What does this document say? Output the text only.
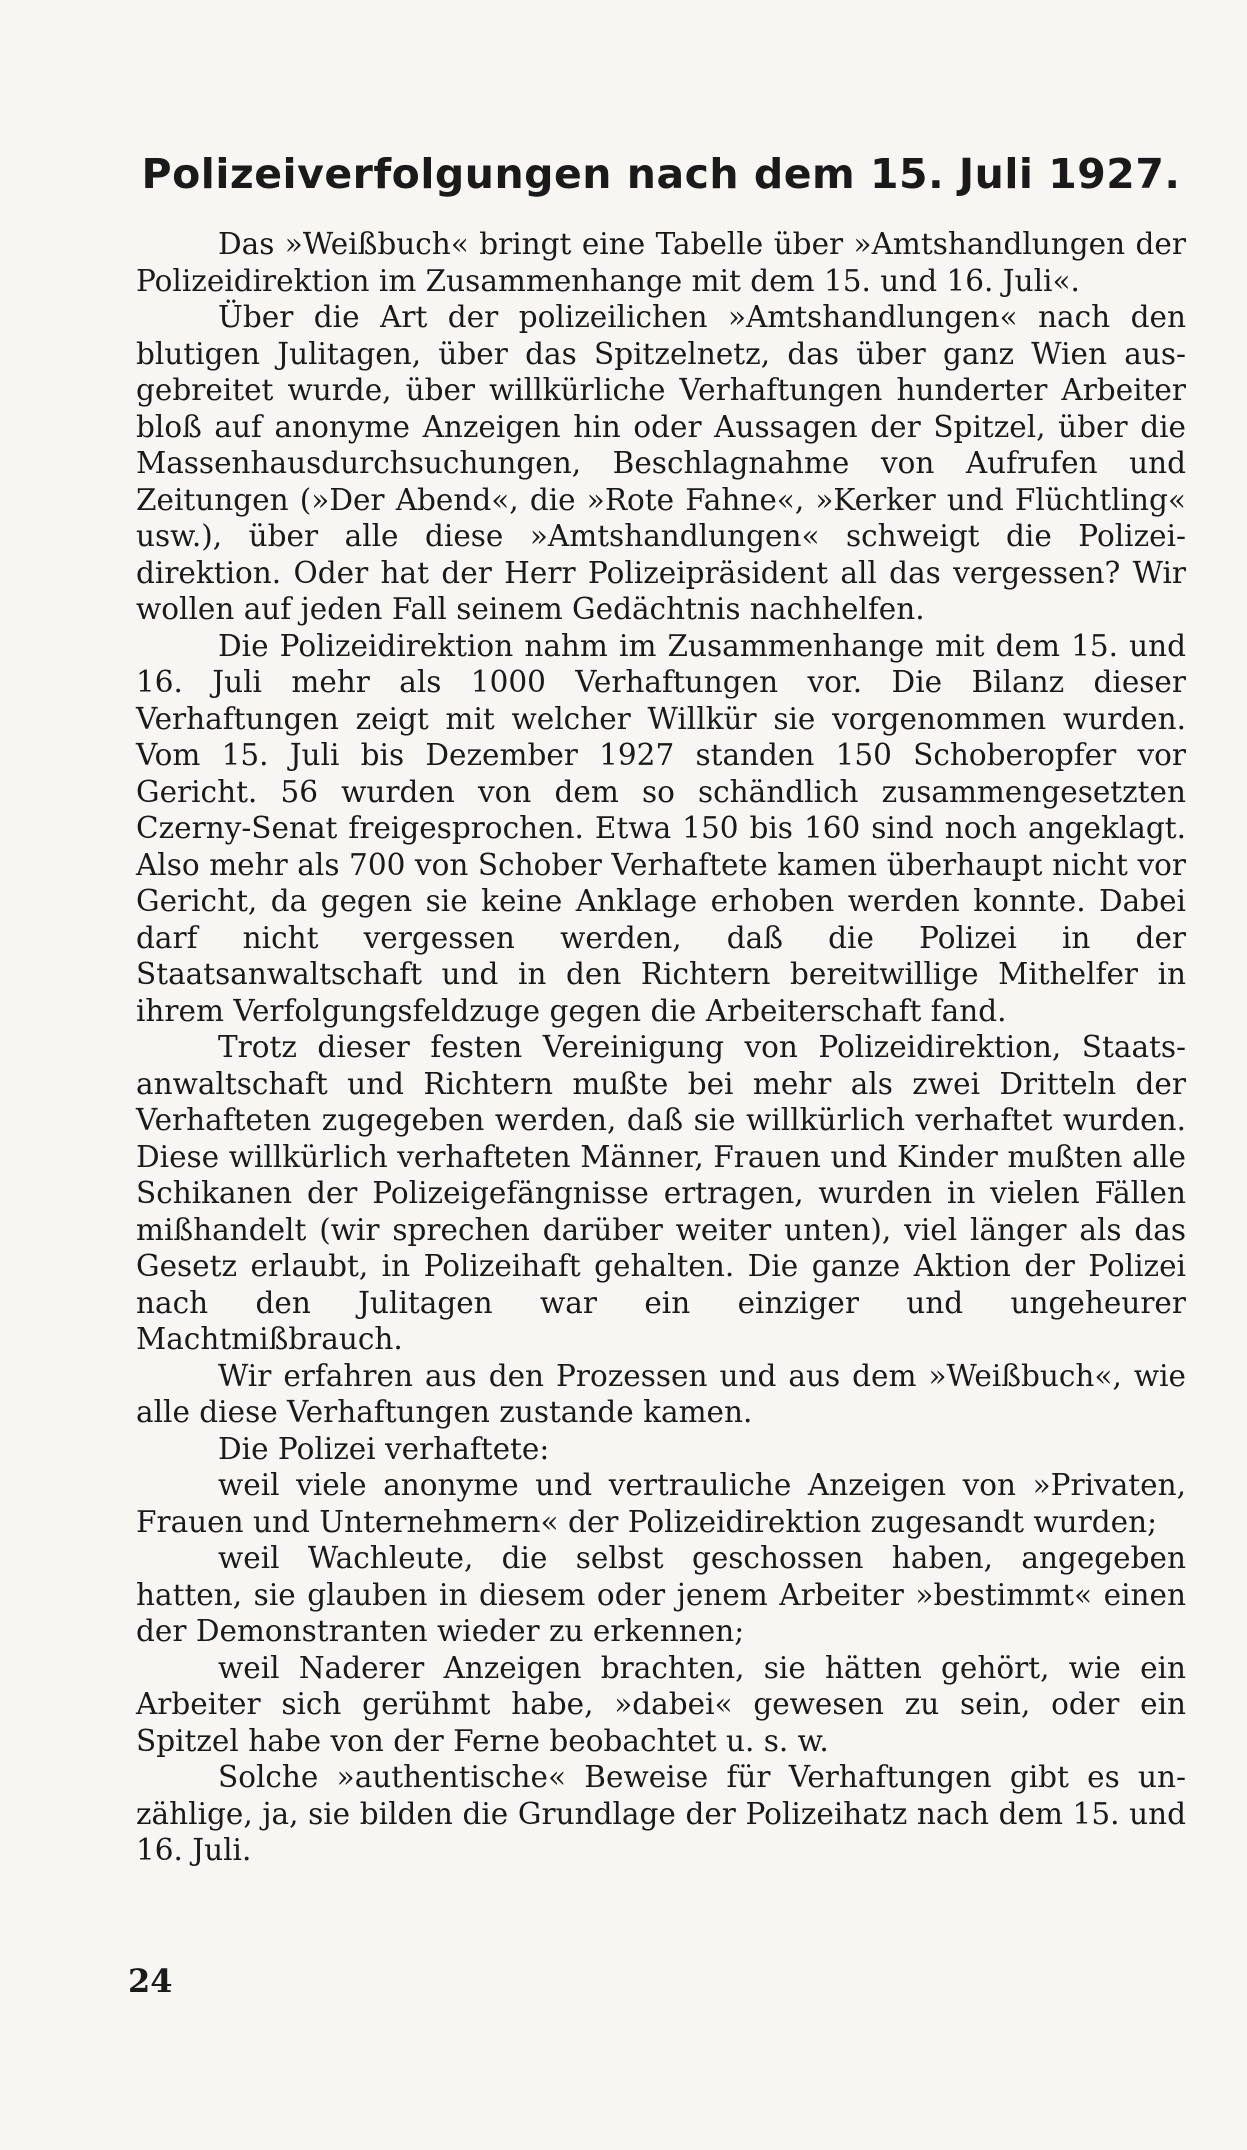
Polizeiverfolgungen nach dem 15. Juli 1927.

Das »Weißbuch« bringt eine Tabelle über »Amtshandlungen der Polizeidirektion im Zusammenhange mit dem 15. und 16. Juli«.

Über die Art der polizeilichen »Amtshandlungen« nach den blutigen Julitagen, über das Spitzelnetz, das über ganz Wien ausgebreitet wurde, über willkürliche Verhaftungen hunderter Arbeiter bloß auf anonyme Anzeigen hin oder Aussagen der Spitzel, über die Massenhausdurchsuchungen, Beschlagnahme von Aufrufen und Zeitungen (»Der Abend«, die »Rote Fahne«, »Kerker und Flüchtling« usw.), über alle diese »Amtshandlungen« schweigt die Polizeidirektion. Oder hat der Herr Polizeipräsident all das vergessen? Wir wollen auf jeden Fall seinem Gedächtnis nachhelfen.

Die Polizeidirektion nahm im Zusammenhange mit dem 15. und 16. Juli mehr als 1000 Verhaftungen vor. Die Bilanz dieser Verhaftungen zeigt mit welcher Willkür sie vorgenommen wurden. Vom 15. Juli bis Dezember 1927 standen 150 Schoberopfer vor Gericht. 56 wurden von dem so schändlich zusammengesetzten Czerny-Senat freigesprochen. Etwa 150 bis 160 sind noch angeklagt. Also mehr als 700 von Schober Verhaftete kamen überhaupt nicht vor Gericht, da gegen sie keine Anklage erhoben werden konnte. Dabei darf nicht vergessen werden, daß die Polizei in der Staatsanwaltschaft und in den Richtern bereitwillige Mithelfer in ihrem Verfolgungsfeldzuge gegen die Arbeiterschaft fand.

Trotz dieser festen Vereinigung von Polizeidirektion, Staatsanwaltschaft und Richtern mußte bei mehr als zwei Dritteln der Verhafteten zugegeben werden, daß sie willkürlich verhaftet wurden. Diese willkürlich verhafteten Männer, Frauen und Kinder mußten alle Schikanen der Polizeigefängnisse ertragen, wurden in vielen Fällen mißhandelt (wir sprechen darüber weiter unten), viel länger als das Gesetz erlaubt, in Polizeihaft gehalten. Die ganze Aktion der Polizei nach den Julitagen war ein einziger und ungeheurer Machtmißbrauch.

Wir erfahren aus den Prozessen und aus dem »Weißbuch«, wie alle diese Verhaftungen zustande kamen.

Die Polizei verhaftete:

weil viele anonyme und vertrauliche Anzeigen von »Privaten, Frauen und Unternehmern« der Polizeidirektion zugesandt wurden;

weil Wachleute, die selbst geschossen haben, angegeben hatten, sie glauben in diesem oder jenem Arbeiter »bestimmt« einen der Demonstranten wieder zu erkennen;

weil Naderer Anzeigen brachten, sie hätten gehört, wie ein Arbeiter sich gerühmt habe, »dabei« gewesen zu sein, oder ein Spitzel habe von der Ferne beobachtet u. s. w.

Solche »authentische« Beweise für Verhaftungen gibt es unzählige, ja, sie bilden die Grundlage der Polizeihatz nach dem 15. und 16. Juli.

24
